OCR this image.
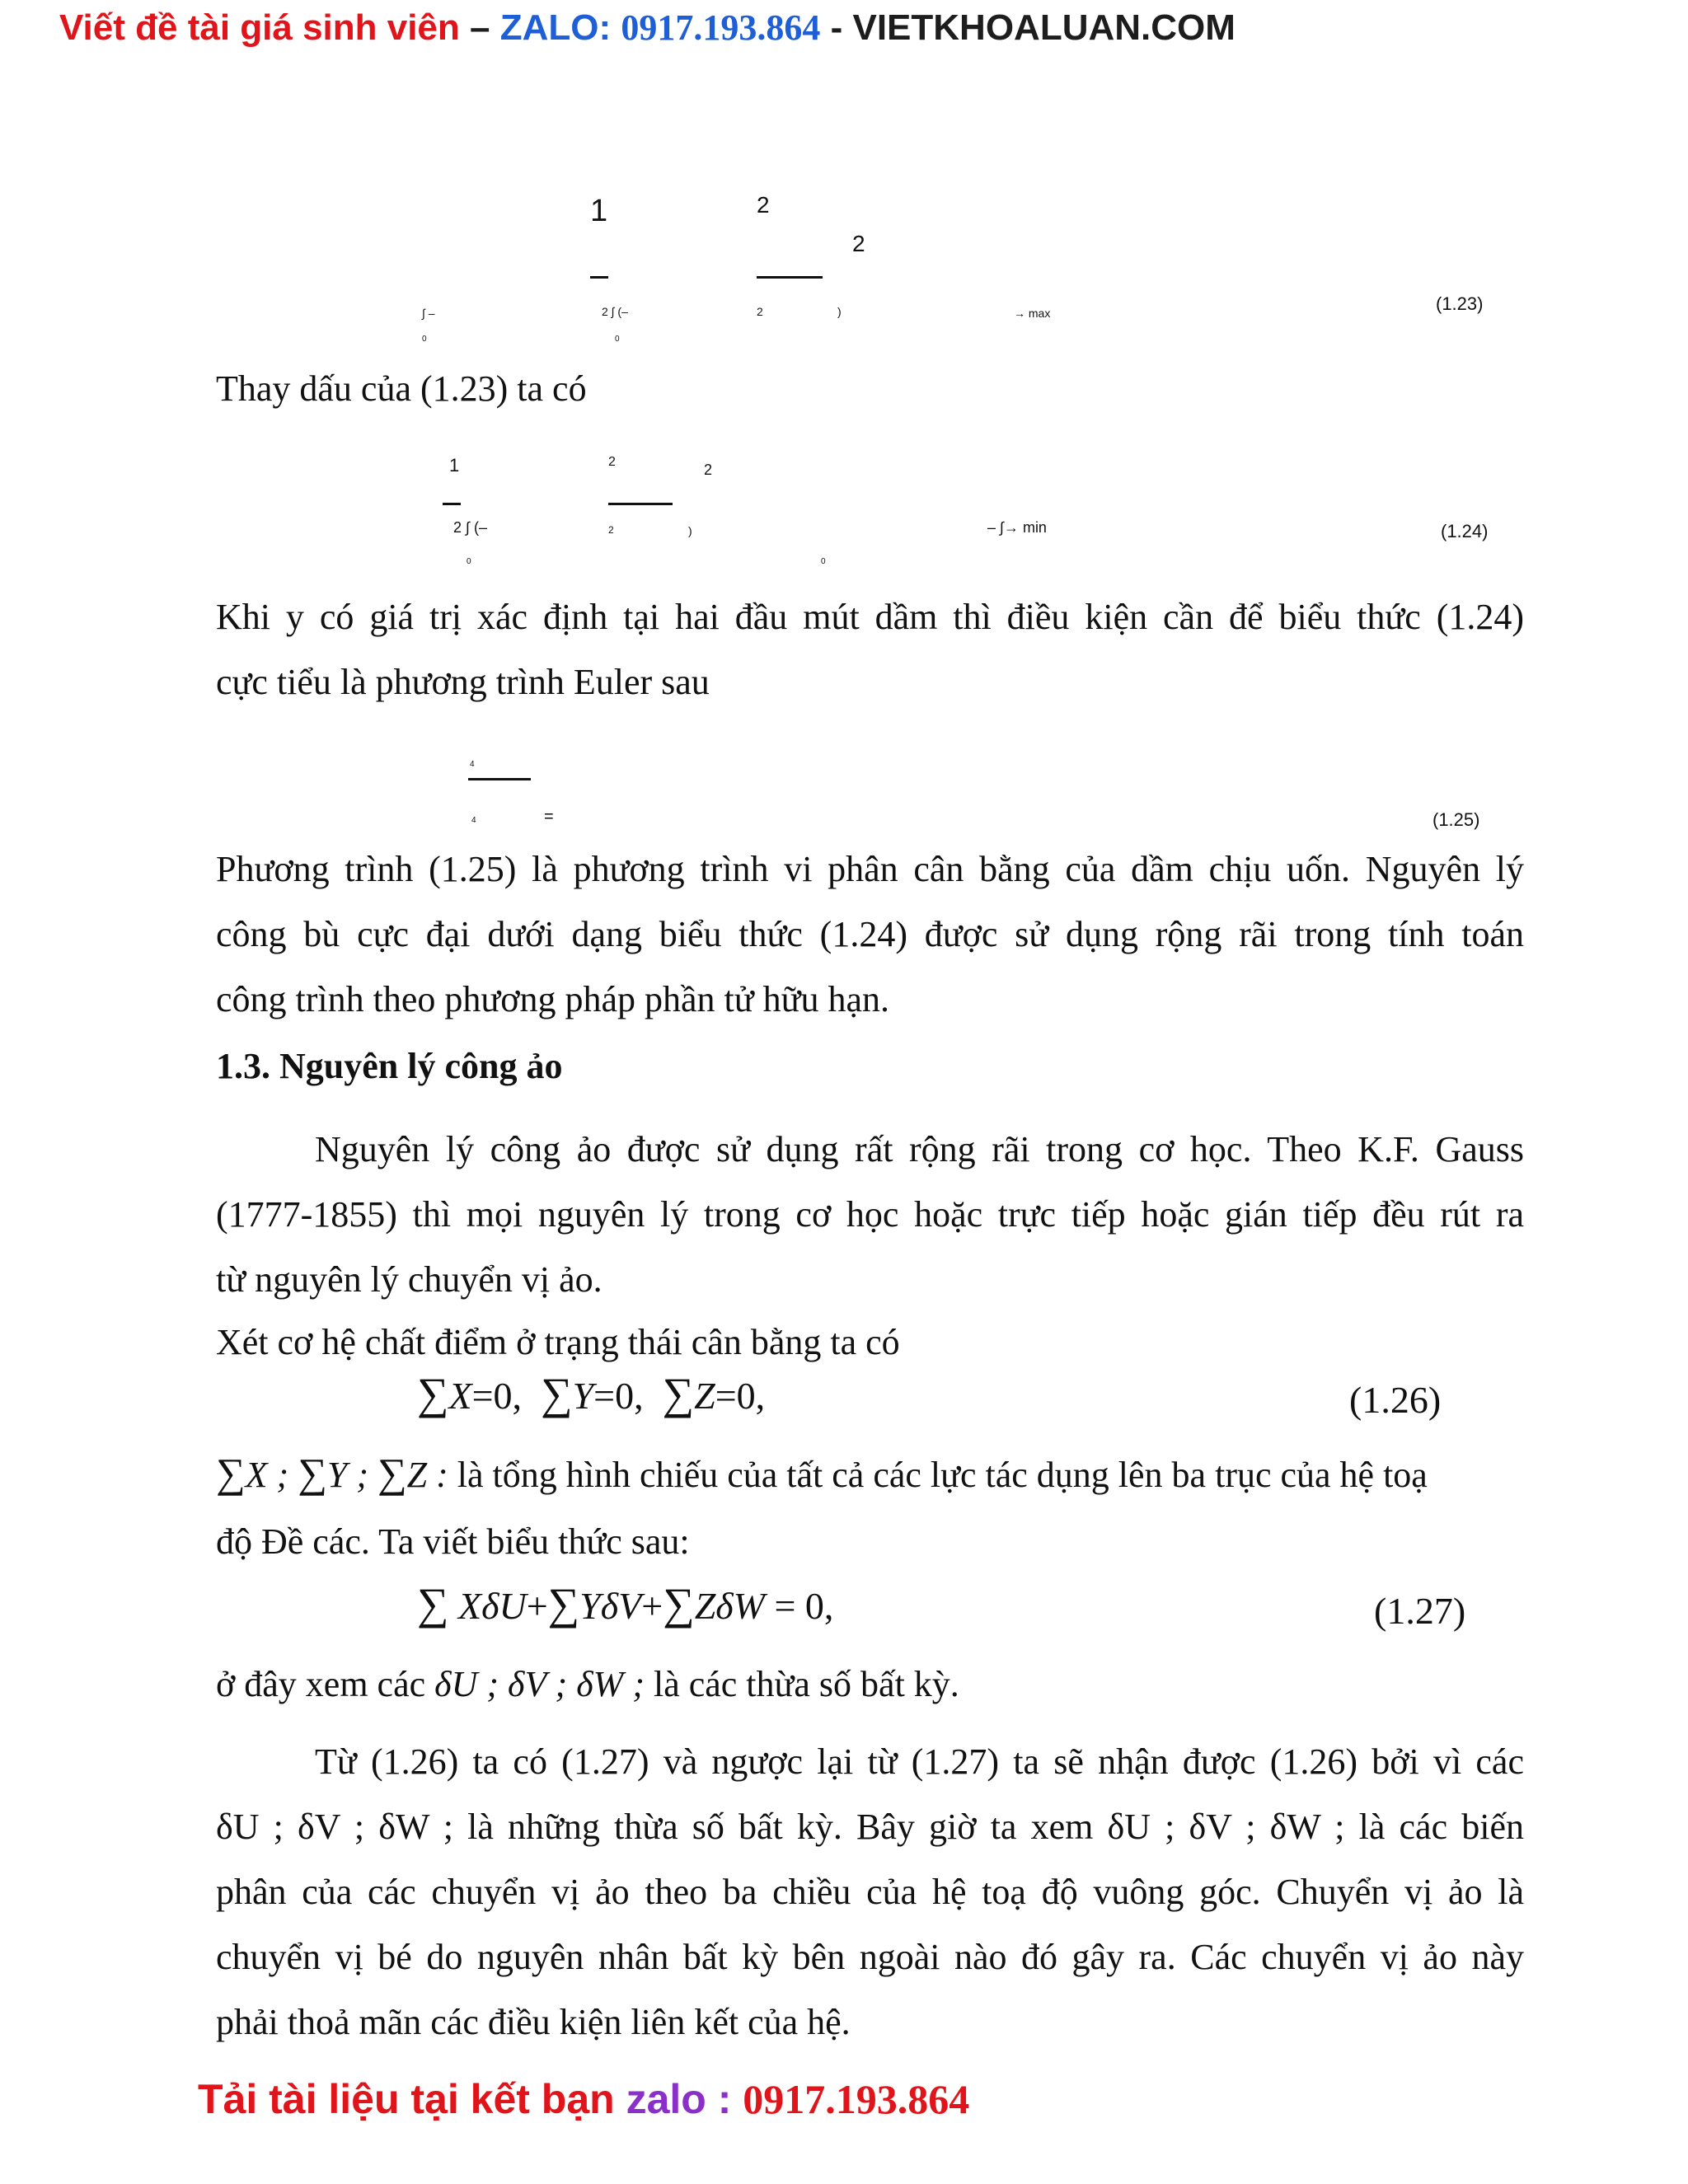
Viết đề tài giá sinh viên – ZALO: 0917.193.864 - VIETKHOALUAN.COM
1	2
2
∫ –	2 ∫ (–	2	)	→ max
0	0
(1.23)
Thay dấu của (1.23) ta có
1	2	2
2 ∫ (–	2	)	– ∫→ min
0	0
(1.24)
Khi y có giá trị xác định tại hai đầu mút dầm thì điều kiện cần để biểu thức (1.24)
cực tiểu là phương trình Euler sau
4
4	=	(1.25)
Phương trình (1.25) là phương trình vi phân cân bằng của dầm chịu uốn. Nguyên lý
công bù cực đại dưới dạng biểu thức (1.24) được sử dụng rộng rãi trong tính toán
công trình theo phương pháp phần tử hữu hạn.
1.3. Nguyên lý công ảo
Nguyên lý công ảo được sử dụng rất rộng rãi trong cơ học. Theo K.F. Gauss
(1777-1855) thì mọi nguyên lý trong cơ học hoặc trực tiếp hoặc gián tiếp đều rút ra
từ nguyên lý chuyển vị ảo.
Xét cơ hệ chất điểm ở trạng thái cân bằng ta có
∑X=0, ∑Y=0, ∑Z=0,	(1.26)
∑X ; ∑Y ; ∑Z : là tổng hình chiếu của tất cả các lực tác dụng lên ba trục của hệ toạ
độ Đề các. Ta viết biểu thức sau:
∑ XδU+∑YδV+∑ZδW = 0,	(1.27)
ở đây xem các δU ; δV ; δW ; là các thừa số bất kỳ.
Từ (1.26) ta có (1.27) và ngược lại từ (1.27) ta sẽ nhận được (1.26) bởi vì các
δU ; δV ; δW ; là những thừa số bất kỳ. Bây giờ ta xem δU ; δV ; δW ; là các biến
phân của các chuyển vị ảo theo ba chiều của hệ toạ độ vuông góc. Chuyển vị ảo là
chuyển vị bé do nguyên nhân bất kỳ bên ngoài nào đó gây ra. Các chuyển vị ảo này
phải thoả mãn các điều kiện liên kết của hệ.
Tải tài liệu tại kết bạn zalo : 0917.193.864
